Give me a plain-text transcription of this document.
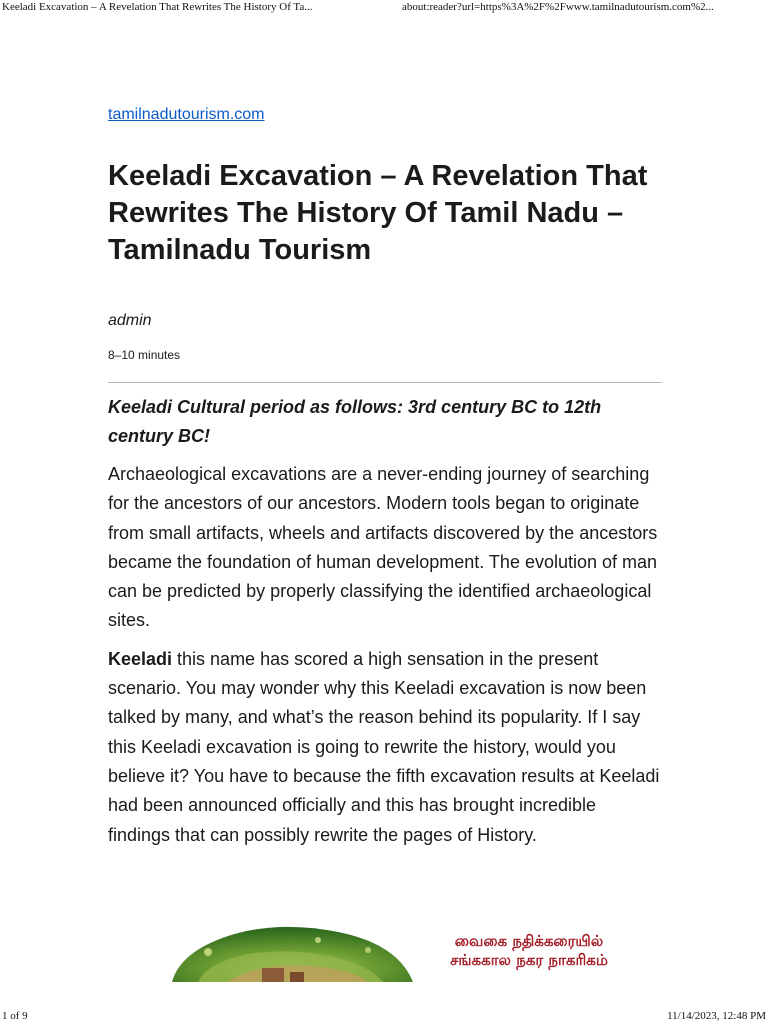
Keeladi Excavation – A Revelation That Rewrites The History Of Ta...	about:reader?url=https%3A%2F%2Fwww.tamilnadutourism.com%2...
tamilnadutourism.com
Keeladi Excavation – A Revelation That Rewrites The History Of Tamil Nadu – Tamilnadu Tourism

admin

8–10 minutes

Keeladi Cultural period as follows: 3rd century BC to 12th century BC!

Archaeological excavations are a never-ending journey of searching for the ancestors of our ancestors. Modern tools began to originate from small artifacts, wheels and artifacts discovered by the ancestors became the foundation of human development. The evolution of man can be predicted by properly classifying the identified archaeological sites.

Keeladi this name has scored a high sensation in the present scenario. You may wonder why this Keeladi excavation is now been talked by many, and what’s the reason behind its popularity. If I say this Keeladi excavation is going to rewrite the history, would you believe it? You have to because the fifth excavation results at Keeladi had been announced officially and this has brought incredible findings that can possibly rewrite the pages of History.

வைகை நதிக்கரையில்
சங்ககால நகர நாகரிகம்
1 of 9	11/14/2023, 12:48 PM
